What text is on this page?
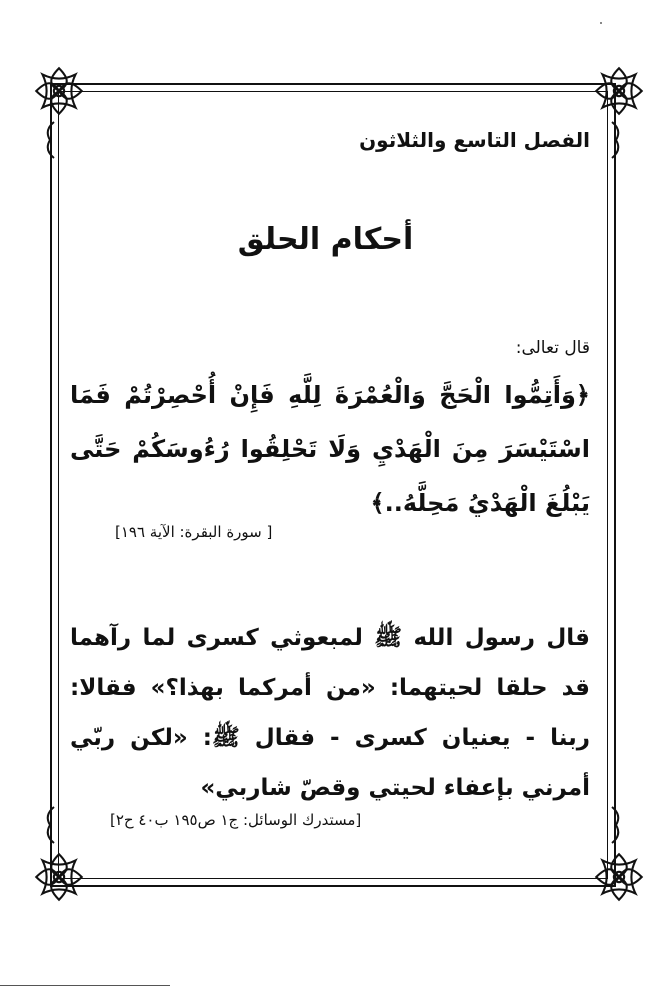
الفصل التاسع والثلاثون
أحكام الحلق
قال تعالى:
﴿وَأَتِمُّوا الْحَجَّ وَالْعُمْرَةَ لِلَّهِ فَإِنْ أُحْصِرْتُمْ فَمَا اسْتَيْسَرَ مِنَ الْهَدْيِ وَلَا تَحْلِقُوا رُءُوسَكُمْ حَتَّى يَبْلُغَ الْهَدْيُ مَحِلَّهُ..﴾
[ سورة البقرة: الآية ١٩٦]
قال رسول الله ﷺ لمبعوثي كسرى لما رآهما قد حلقا لحيتهما: «من أمركما بهذا؟» فقالا: ربنا - يعنيان كسرى - فقال ﷺ: «لكن ربّي أمرني بإعفاء لحيتي وقصّ شاربي»
[مستدرك الوسائل: ج١ ص١٩٥ ب٤٠ ح٢]
